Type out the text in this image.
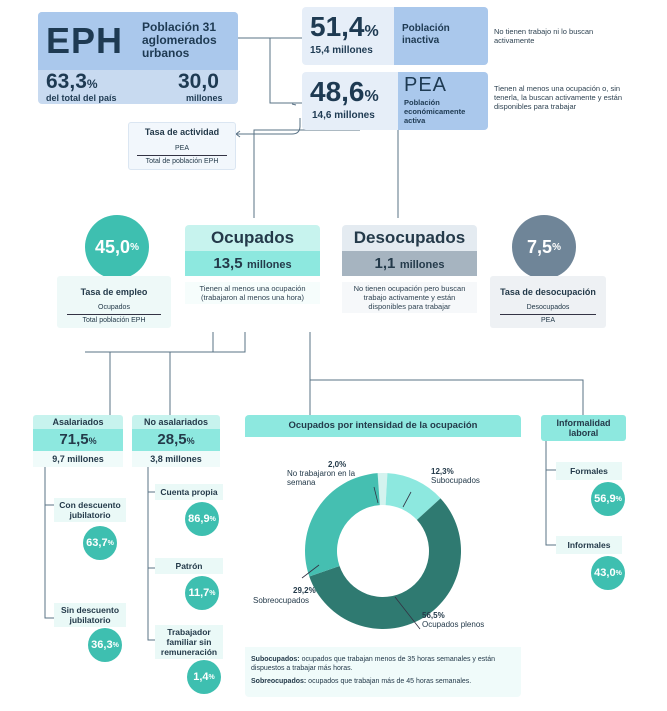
EPH Población 31 aglomerados urbanos
63,3%
del total del país
30,0
millones
51,4%
15,4 millones
Población inactiva
No tienen trabajo ni lo buscan activamente
48,6%
14,6 millones
PEA
Población económicamente activa
Tienen al menos una ocupación o, sin tenerla, la buscan activamente y están disponibles para trabajar
Tasa de actividad
PEA
Total de población EPH
Ocupados
13,5 millones
Tienen al menos una ocupación (trabajaron al menos una hora)
Desocupados
1,1 millones
No tienen ocupación pero buscan trabajo activamente y están disponibles para trabajar
45,0 %
Tasa de empleo
Ocupados
Total población EPH
7,5 %
Tasa de desocupación
Desocupados
PEA
Asalariados
71,5%
9,7 millones
Con descuento jubilatorio
63,7 %
Sin descuento jubilatorio
36,3 %
No asalariados
28,5%
3,8 millones
Cuenta propia
86,9 %
Patrón
11,7 %
Trabajador familiar sin remuneración
1,4 %
Ocupados por intensidad de la ocupación
2,0%
No trabajaron en la semana
12,3%
Subocupados
29,2%
Sobreocupados
56,5%
Ocupados plenos
Subocupados: ocupados que trabajan menos de 35 horas semanales y están dispuestos a trabajar más horas.
Sobreocupados: ocupados que trabajan más de 45 horas semanales.
Informalidad laboral
Formales
56,9 %
Informales
43,0 %
